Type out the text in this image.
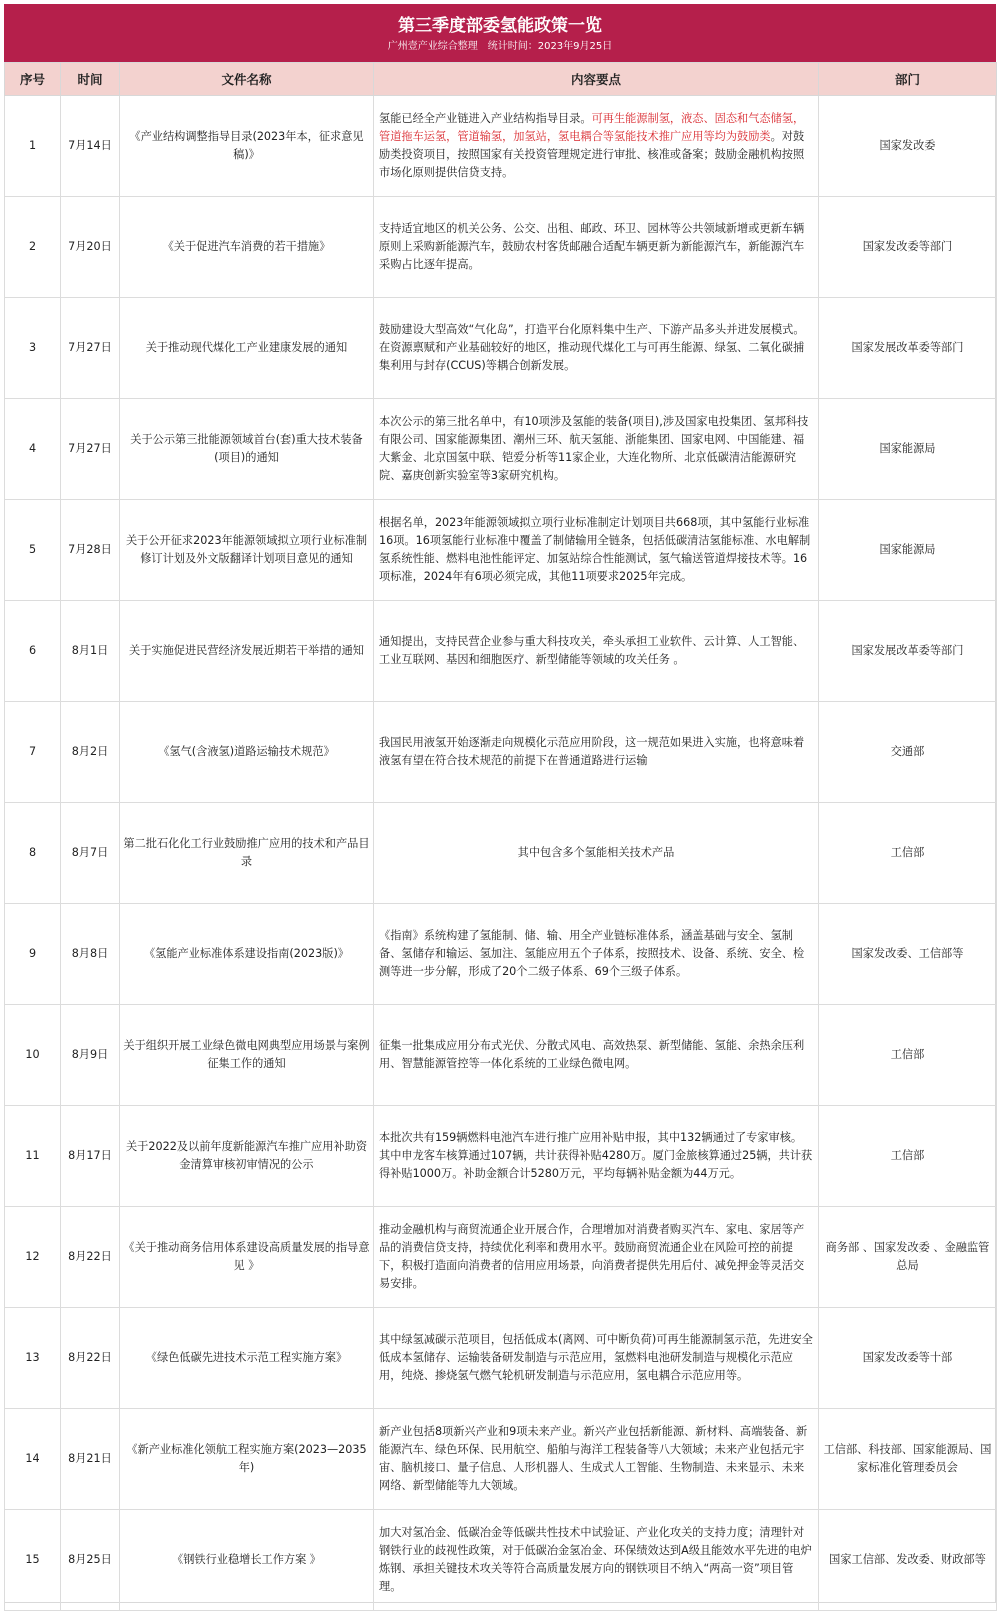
第三季度部委氢能政策一览
广州壹产业综合整理　统计时间：2023年9月25日
序号	时间	文件名称	内容要点	部门
1	7月14日	《产业结构调整指导目录(2023年本，征求意见稿)》	氢能已经全产业链进入产业结构指导目录。可再生能源制氢，液态、固态和气态储氢，管道拖车运氢，管道输氢，加氢站，氢电耦合等氢能技术推广应用等均为鼓励类。对鼓励类投资项目，按照国家有关投资管理规定进行审批、核准或备案；鼓励金融机构按照市场化原则提供信贷支持。	国家发改委
2	7月20日	《关于促进汽车消费的若干措施》	支持适宜地区的机关公务、公交、出租、邮政、环卫、园林等公共领域新增或更新车辆原则上采购新能源汽车，鼓励农村客货邮融合适配车辆更新为新能源汽车，新能源汽车采购占比逐年提高。	国家发改委等部门
3	7月27日	关于推动现代煤化工产业建康发展的通知	鼓励建设大型高效“气化岛”，打造平台化原料集中生产、下游产品多头并进发展模式。在资源禀赋和产业基础较好的地区，推动现代煤化工与可再生能源、绿氢、二氧化碳捕集利用与封存(CCUS)等耦合创新发展。	国家发展改革委等部门
4	7月27日	关于公示第三批能源领域首台(套)重大技术装备(项目)的通知	本次公示的第三批名单中，有10项涉及氢能的装备(项目),涉及国家电投集团、氢邦科技有限公司、国家能源集团、潮州三环、航天氢能、浙能集团、国家电网、中国能建、福大紫金、北京国氢中联、铠爱分析等11家企业，大连化物所、北京低碳清洁能源研究院、嘉庚创新实验室等3家研究机构。	国家能源局
5	7月28日	关于公开征求2023年能源领域拟立项行业标准制修订计划及外文版翻译计划项目意见的通知	根据名单，2023年能源领域拟立项行业标准制定计划项目共668项，其中氢能行业标准16项。16项氢能行业标准中覆盖了制储输用全链条，包括低碳清洁氢能标准、水电解制氢系统性能、燃料电池性能评定、加氢站综合性能测试，氢气输送管道焊接技术等。16项标准，2024年有6项必须完成，其他11项要求2025年完成。	国家能源局
6	8月1日	关于实施促进民营经济发展近期若干举措的通知	通知提出，支持民营企业参与重大科技攻关，牵头承担工业软件、云计算、人工智能、工业互联网、基因和细胞医疗、新型储能等领域的攻关任务 。	国家发展改革委等部门
7	8月2日	《氢气(含液氢)道路运输技术规范》	我国民用液氢开始逐渐走向规模化示范应用阶段，这一规范如果进入实施，也将意味着液氢有望在符合技术规范的前提下在普通道路进行运输	交通部
8	8月7日	第二批石化化工行业鼓励推广应用的技术和产品目录	其中包含多个氢能相关技术产品	工信部
9	8月8日	《氢能产业标准体系建设指南(2023版)》	《指南》系统构建了氢能制、储、输、用全产业链标准体系，涵盖基础与安全、氢制备、氢储存和输运、氢加注、氢能应用五个子体系，按照技术、设备、系统、安全、检测等进一步分解，形成了20个二级子体系、69个三级子体系。	国家发改委、工信部等
10	8月9日	关于组织开展工业绿色微电网典型应用场景与案例征集工作的通知	征集一批集成应用分布式光伏、分散式风电、高效热泵、新型储能、氢能、余热余压利用、智慧能源管控等一体化系统的工业绿色微电网。	工信部
11	8月17日	关于2022及以前年度新能源汽车推广应用补助资金清算审核初审情况的公示	本批次共有159辆燃料电池汽车进行推广应用补贴申报，其中132辆通过了专家审核。其中申龙客车核算通过107辆，共计获得补贴4280万。厦门金旅核算通过25辆，共计获得补贴1000万。补助金额合计5280万元，平均每辆补贴金额为44万元。	工信部
12	8月22日	《关于推动商务信用体系建设高质量发展的指导意见 》	推动金融机构与商贸流通企业开展合作，合理增加对消费者购买汽车、家电、家居等产品的消费信贷支持，持续优化利率和费用水平。鼓励商贸流通企业在风险可控的前提下，积极打造面向消费者的信用应用场景，向消费者提供先用后付、减免押金等灵活交易安排。	商务部 、国家发改委 、金融监管总局
13	8月22日	《绿色低碳先进技术示范工程实施方案》	其中绿氢减碳示范项目，包括低成本(离网、可中断负荷)可再生能源制氢示范，先进安全低成本氢储存、运输装备研发制造与示范应用，氢燃料电池研发制造与规模化示范应用，纯烧、掺烧氢气燃气轮机研发制造与示范应用，氢电耦合示范应用等。	国家发改委等十部
14	8月21日	《新产业标准化领航工程实施方案(2023—2035年)	新产业包括8项新兴产业和9项未来产业。新兴产业包括新能源、新材料、高端装备、新能源汽车、绿色环保、民用航空、船舶与海洋工程装备等八大领域；未来产业包括元宇宙、脑机接口、量子信息、人形机器人、生成式人工智能、生物制造、未来显示、未来网络、新型储能等九大领域。	工信部、科技部、国家能源局、国家标准化管理委员会
15	8月25日	《钢铁行业稳增长工作方案 》	加大对氢冶金、低碳冶金等低碳共性技术中试验证、产业化攻关的支持力度；清理针对钢铁行业的歧视性政策，对于低碳冶金氢冶金、环保绩效达到A级且能效水平先进的电炉炼钢、承担关键技术攻关等符合高质量发展方向的钢铁项目不纳入“两高一资”项目管理。	国家工信部、发改委、财政部等
